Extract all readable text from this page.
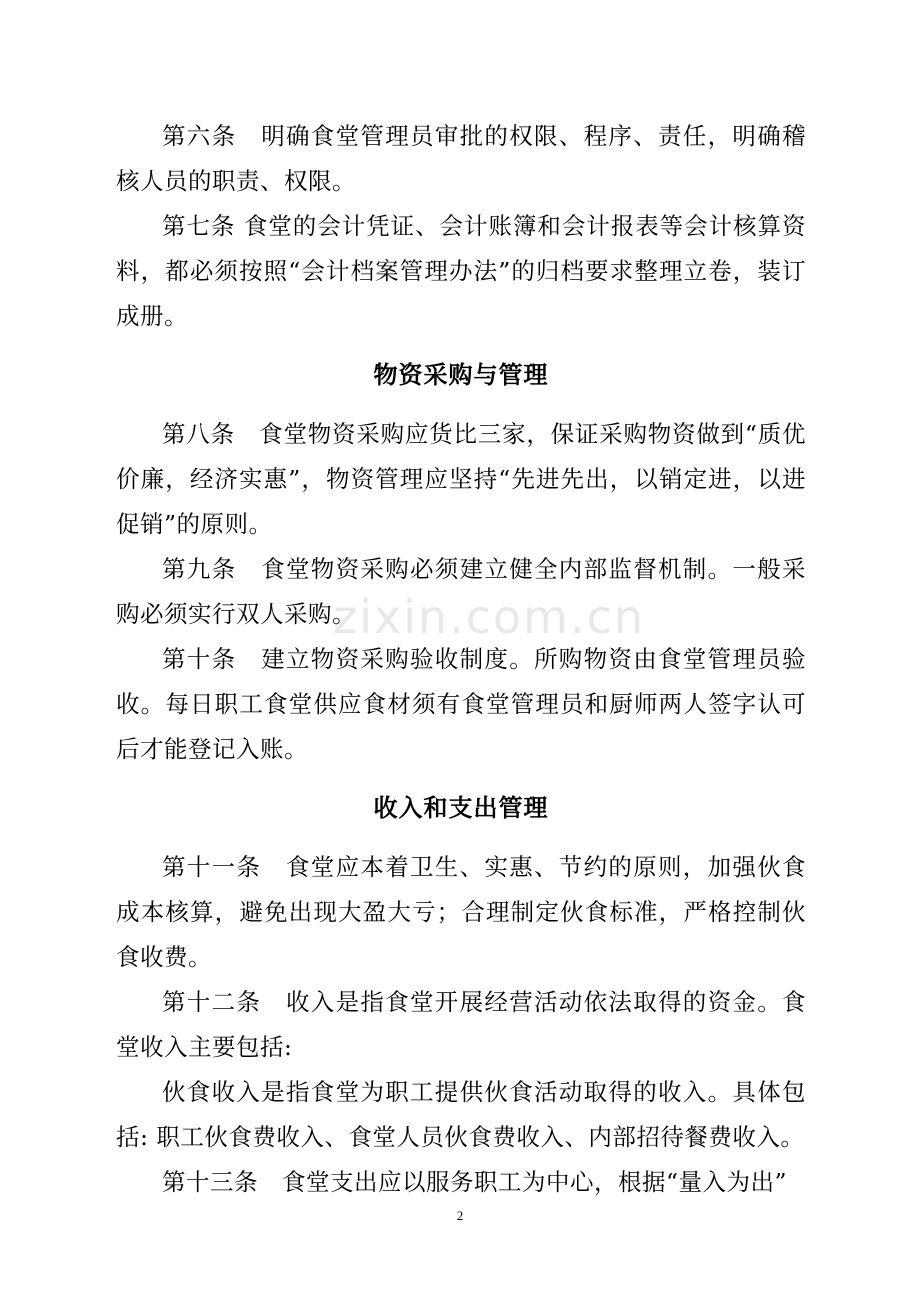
zixin.com.cn

第六条　明确食堂管理员审批的权限、程序、责任，明确稽核人员的职责、权限。

第七条 食堂的会计凭证、会计账簿和会计报表等会计核算资料，都必须按照“会计档案管理办法”的归档要求整理立卷，装订成册。

物资采购与管理

第八条　食堂物资采购应货比三家，保证采购物资做到“质优价廉，经济实惠”，物资管理应坚持“先进先出，以销定进，以进促销”的原则。

第九条　食堂物资采购必须建立健全内部监督机制。一般采购必须实行双人采购。

第十条　建立物资采购验收制度。所购物资由食堂管理员验收。每日职工食堂供应食材须有食堂管理员和厨师两人签字认可后才能登记入账。

收入和支出管理

第十一条　食堂应本着卫生、实惠、节约的原则，加强伙食成本核算，避免出现大盈大亏；合理制定伙食标准，严格控制伙食收费。

第十二条　收入是指食堂开展经营活动依法取得的资金。食堂收入主要包括:

伙食收入是指食堂为职工提供伙食活动取得的收入。具体包括: 职工伙食费收入、食堂人员伙食费收入、内部招待餐费收入。

第十三条　食堂支出应以服务职工为中心，根据“量入为出”

2
